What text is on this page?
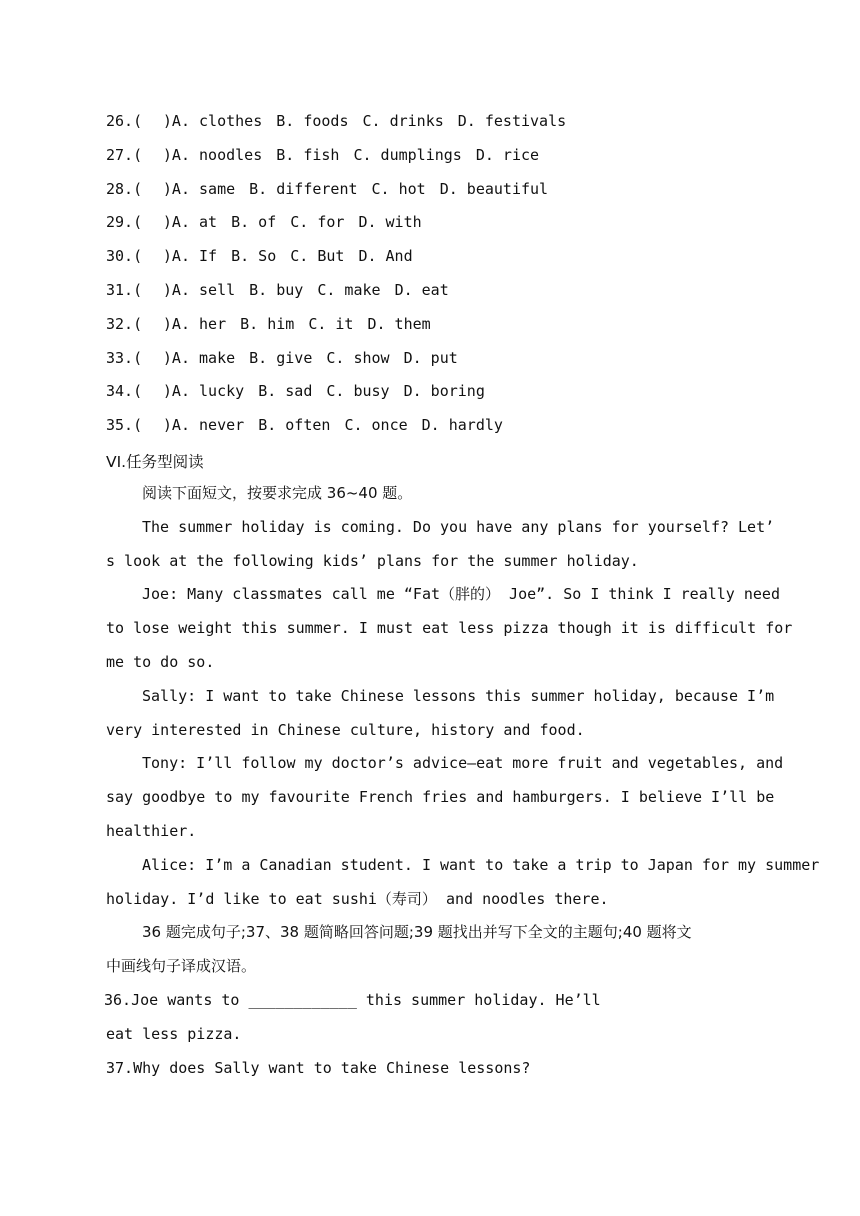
26.( )A. clothes B. foods C. drinks D. festivals
27.( )A. noodles B. fish C. dumplings D. rice
28.( )A. same B. different C. hot D. beautiful
29.( )A. at B. of C. for D. with
30.( )A. If B. So C. But D. And
31.( )A. sell B. buy C. make D. eat
32.( )A. her B. him C. it D. them
33.( )A. make B. give C. show D. put
34.( )A. lucky B. sad C. busy D. boring
35.( )A. never B. often C. once D. hardly
VI.任务型阅读
阅读下面短文，按要求完成 36~40 题。
The summer holiday is coming. Do you have any plans for yourself? Let’
s look at the following kids’ plans for the summer holiday.
Joe: Many classmates call me “Fat（胖的） Joe”. So I think I really need
to lose weight this summer. I must eat less pizza though it is difficult for
me to do so.
Sally: I want to take Chinese lessons this summer holiday, because I’m
very interested in Chinese culture, history and food.
Tony: I’ll follow my doctor’s advice—eat more fruit and vegetables, and
say goodbye to my favourite French fries and hamburgers. I believe I’ll be
healthier.
Alice: I’m a Canadian student. I want to take a trip to Japan for my summer
holiday. I’d like to eat sushi（寿司） and noodles there.
36 题完成句子;37、38 题简略回答问题;39 题找出并写下全文的主题句;40 题将文
中画线句子译成汉语。
36.Joe wants to ____________ this summer holiday. He’ll
eat less pizza.
37.Why does Sally want to take Chinese lessons?
